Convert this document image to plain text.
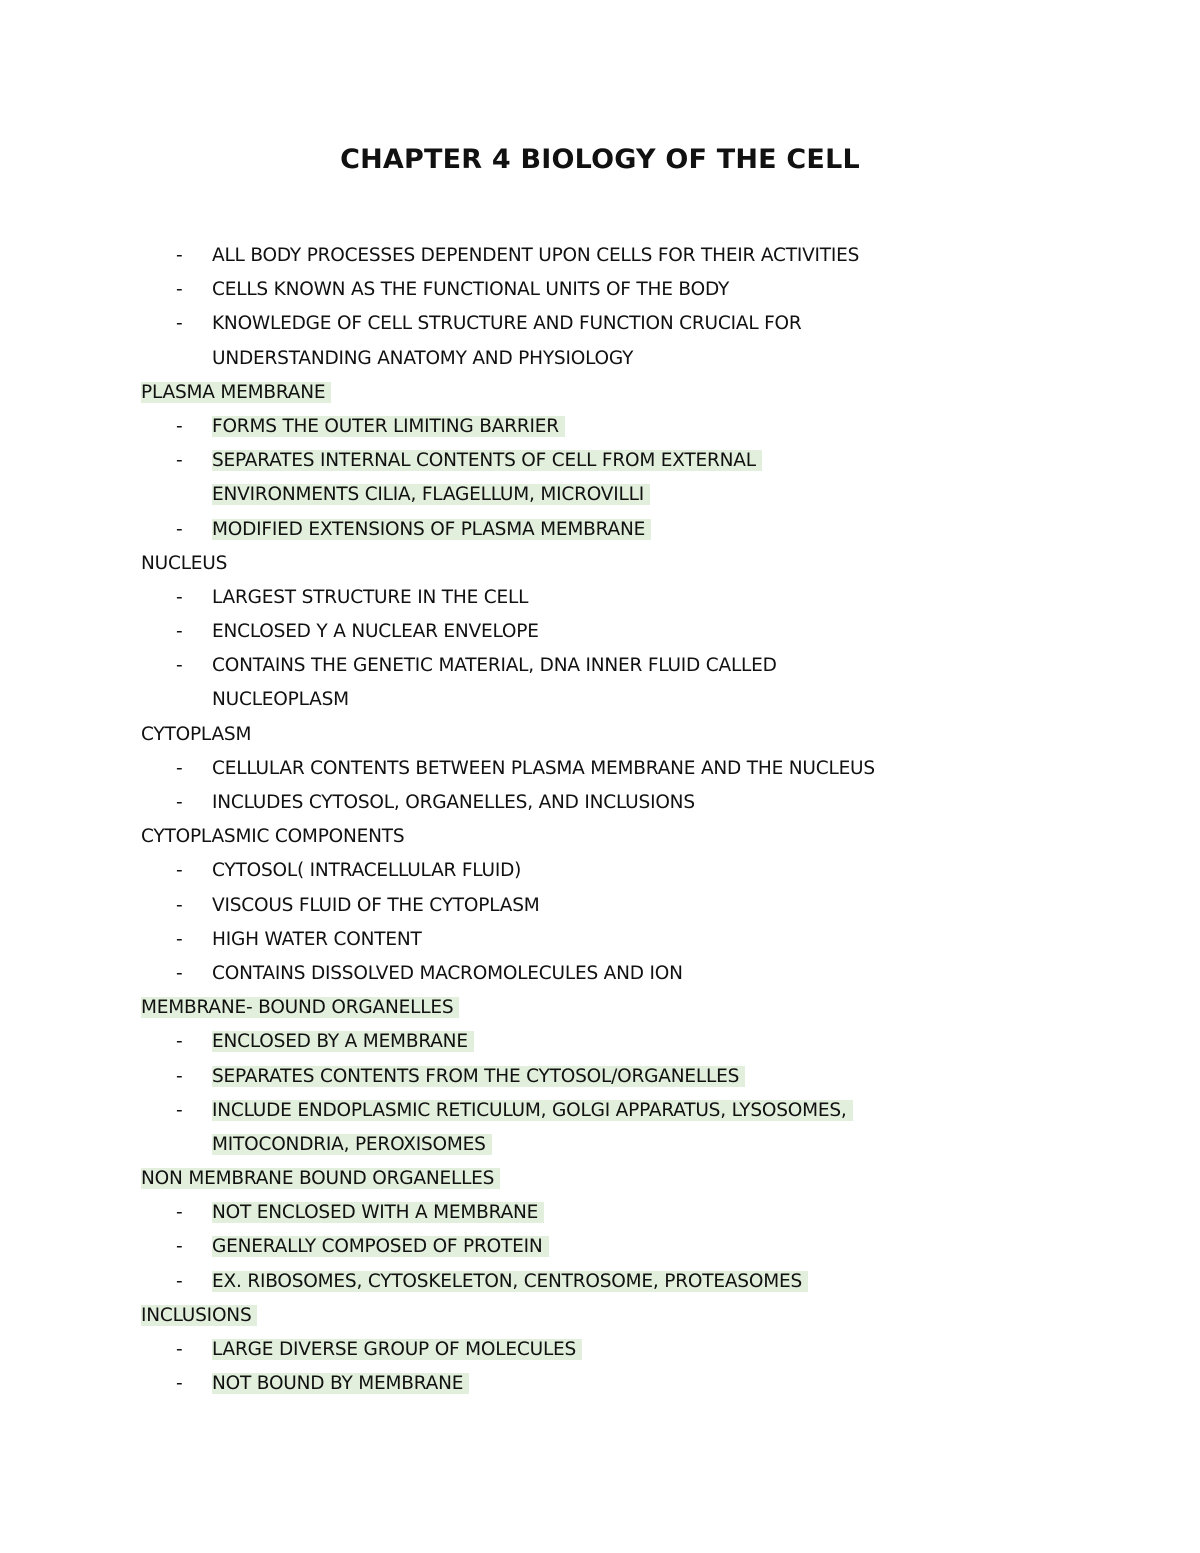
CHAPTER 4 BIOLOGY OF THE CELL
- ALL BODY PROCESSES DEPENDENT UPON CELLS FOR THEIR ACTIVITIES
- CELLS KNOWN AS THE FUNCTIONAL UNITS OF THE BODY
- KNOWLEDGE OF CELL STRUCTURE AND FUNCTION CRUCIAL FOR
UNDERSTANDING ANATOMY AND PHYSIOLOGY
PLASMA MEMBRANE
- FORMS THE OUTER LIMITING BARRIER
- SEPARATES INTERNAL CONTENTS OF CELL FROM EXTERNAL
ENVIRONMENTS CILIA, FLAGELLUM, MICROVILLI
- MODIFIED EXTENSIONS OF PLASMA MEMBRANE
NUCLEUS
- LARGEST STRUCTURE IN THE CELL
- ENCLOSED Y A NUCLEAR ENVELOPE
- CONTAINS THE GENETIC MATERIAL, DNA INNER FLUID CALLED
NUCLEOPLASM
CYTOPLASM
- CELLULAR CONTENTS BETWEEN PLASMA MEMBRANE AND THE NUCLEUS
- INCLUDES CYTOSOL, ORGANELLES, AND INCLUSIONS
CYTOPLASMIC COMPONENTS
- CYTOSOL( INTRACELLULAR FLUID)
- VISCOUS FLUID OF THE CYTOPLASM
- HIGH WATER CONTENT
- CONTAINS DISSOLVED MACROMOLECULES AND ION
MEMBRANE- BOUND ORGANELLES
- ENCLOSED BY A MEMBRANE
- SEPARATES CONTENTS FROM THE CYTOSOL/ORGANELLES
- INCLUDE ENDOPLASMIC RETICULUM, GOLGI APPARATUS, LYSOSOMES,
MITOCONDRIA, PEROXISOMES
NON MEMBRANE BOUND ORGANELLES
- NOT ENCLOSED WITH A MEMBRANE
- GENERALLY COMPOSED OF PROTEIN
- EX. RIBOSOMES, CYTOSKELETON, CENTROSOME, PROTEASOMES
INCLUSIONS
- LARGE DIVERSE GROUP OF MOLECULES
- NOT BOUND BY MEMBRANE
